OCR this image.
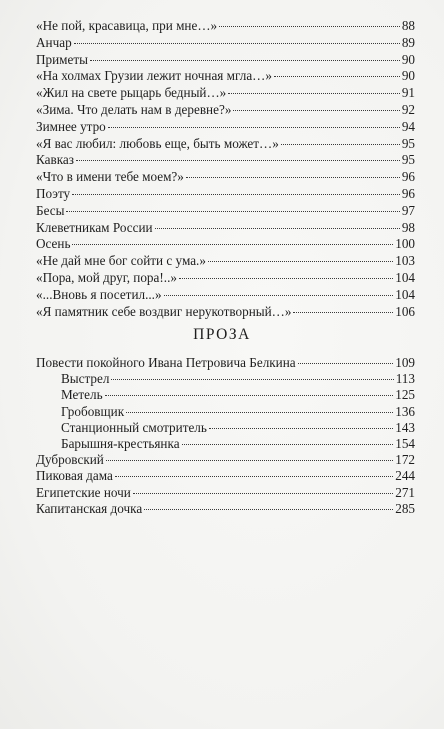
«Не пой, красавица, при мне…»	88
Анчар	89
Приметы	90
«На холмах Грузии лежит ночная мгла…»	90
«Жил на свете рыцарь бедный…»	91
«Зима. Что делать нам в деревне?»	92
Зимнее утро	94
«Я вас любил: любовь еще, быть может…»	95
Кавказ	95
«Что в имени тебе моем?»	96
Поэту	96
Бесы	97
Клеветникам России	98
Осень	100
«Не дай мне бог сойти с ума.»	103
«Пора, мой друг, пора!..»	104
«...Вновь я посетил...»	104
«Я памятник себе воздвиг нерукотворный…»	106
ПРОЗА
Повести покойного Ивана Петровича Белкина	109
Выстрел	113
Метель	125
Гробовщик	136
Станционный смотритель	143
Барышня-крестьянка	154
Дубровский	172
Пиковая дама	244
Египетские ночи	271
Капитанская дочка	285
